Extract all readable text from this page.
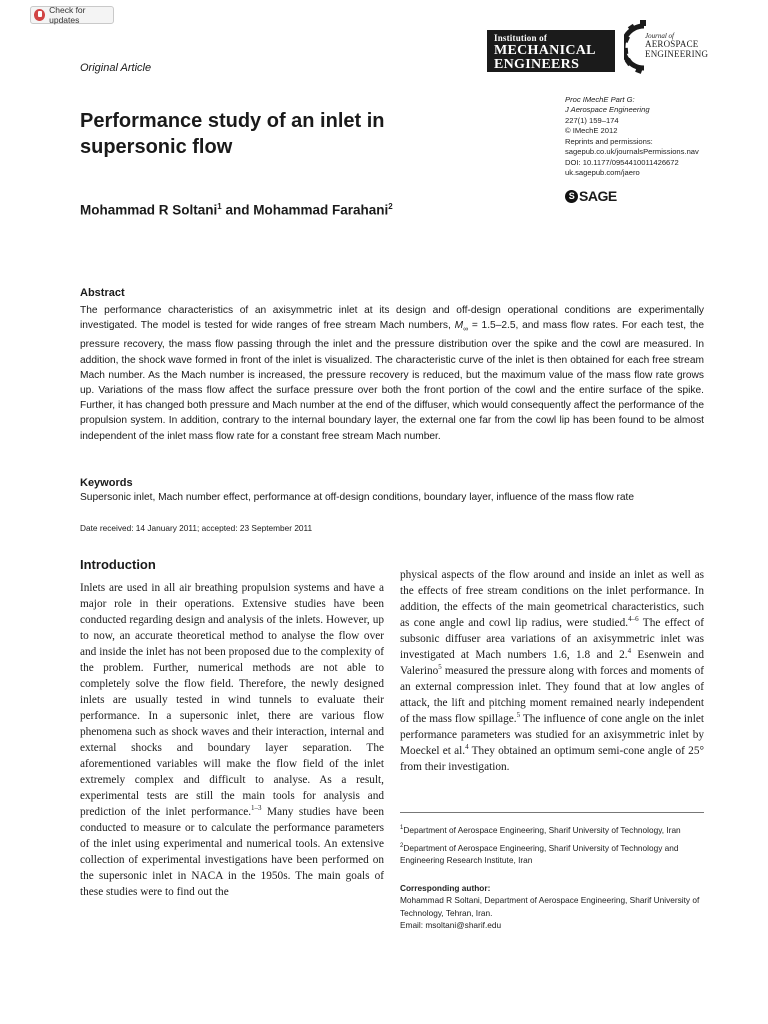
Check for updates
Original Article
Institution of
MECHANICAL
ENGINEERS
Journal of
AEROSPACE
ENGINEERING
Performance study of an inlet in
supersonic flow
Mohammad R Soltani$^1$ and Mohammad Farahani$^2$
Proc IMechE Part G:
J Aerospace Engineering
227(1) 159–174
© IMechE 2012
Reprints and permissions:
sagepub.co.uk/journalsPermissions.nav
DOI: 10.1177/0954410011426672
uk.sagepub.com/jaero
S SAGE
Abstract
The performance characteristics of an axisymmetric inlet at its design and off-design operational conditions are experimentally investigated. The model is tested for wide ranges of free stream Mach numbers, $M_\infty = 1.5-2.5$, and mass flow rates. For each test, the pressure recovery, the mass flow passing through the inlet and the pressure distribution over the spike and the cowl are measured. In addition, the shock wave formed in front of the inlet is visualized. The characteristic curve of the inlet is then obtained for each free stream Mach number. As the Mach number is increased, the pressure recovery is reduced, but the maximum value of the mass flow rate grows up. Variations of the mass flow affect the surface pressure over both the front portion of the cowl and the entire surface of the spike. Further, it has changed both pressure and Mach number at the end of the diffuser, which would consequently affect the performance of the propulsion system. In addition, contrary to the internal boundary layer, the external one far from the cowl lip has been found to be almost independent of the inlet mass flow rate for a constant free stream Mach number.
Keywords
Supersonic inlet, Mach number effect, performance at off-design conditions, boundary layer, influence of the mass flow rate
Date received: 14 January 2011; accepted: 23 September 2011
Introduction
Inlets are used in all air breathing propulsion systems and have a major role in their operations. Extensive studies have been conducted regarding design and analysis of the inlets. However, up to now, an accurate theoretical method to analyse the flow over and inside the inlet has not been proposed due to the complexity of the problem. Further, numerical methods are not able to completely solve the flow field. Therefore, the newly designed inlets are usually tested in wind tunnels to evaluate their performance. In a supersonic inlet, there are various flow phenomena such as shock waves and their interaction, internal and external shocks and boundary layer separation. The aforementioned variables will make the flow field of the inlet extremely complex and difficult to analyse. As a result, experimental tests are still the main tools for analysis and prediction of the inlet performance.$^{1-3}$ Many studies have been conducted to measure or to calculate the performance parameters of the inlet using experimental and numerical tools. An extensive collection of experimental investigations have been performed on the supersonic inlet in NACA in the 1950s. The main goals of these studies were to find out the
physical aspects of the flow around and inside an inlet as well as the effects of free stream conditions on the inlet performance. In addition, the effects of the main geometrical characteristics, such as cone angle and cowl lip radius, were studied.$^{4-6}$ The effect of subsonic diffuser area variations of an axisymmetric inlet was investigated at Mach numbers 1.6, 1.8 and 2.$^4$ Esenwein and Valerino$^5$ measured the pressure along with forces and moments of an external compression inlet. They found that at low angles of attack, the lift and pitching moment remained nearly independent of the mass flow spillage.$^5$ The influence of cone angle on the inlet performance parameters was studied for an axisymmetric inlet by Moeckel et al.$^4$ They obtained an optimum semi-cone angle of 25° from their investigation.

$^1$Department of Aerospace Engineering, Sharif University of Technology, Iran

$^2$Department of Aerospace Engineering, Sharif University of Technology and Engineering Research Institute, Iran

Corresponding author:

Mohammad R Soltani, Department of Aerospace Engineering, Sharif University of Technology, Tehran, Iran.

Email: msoltani@sharif.edu
